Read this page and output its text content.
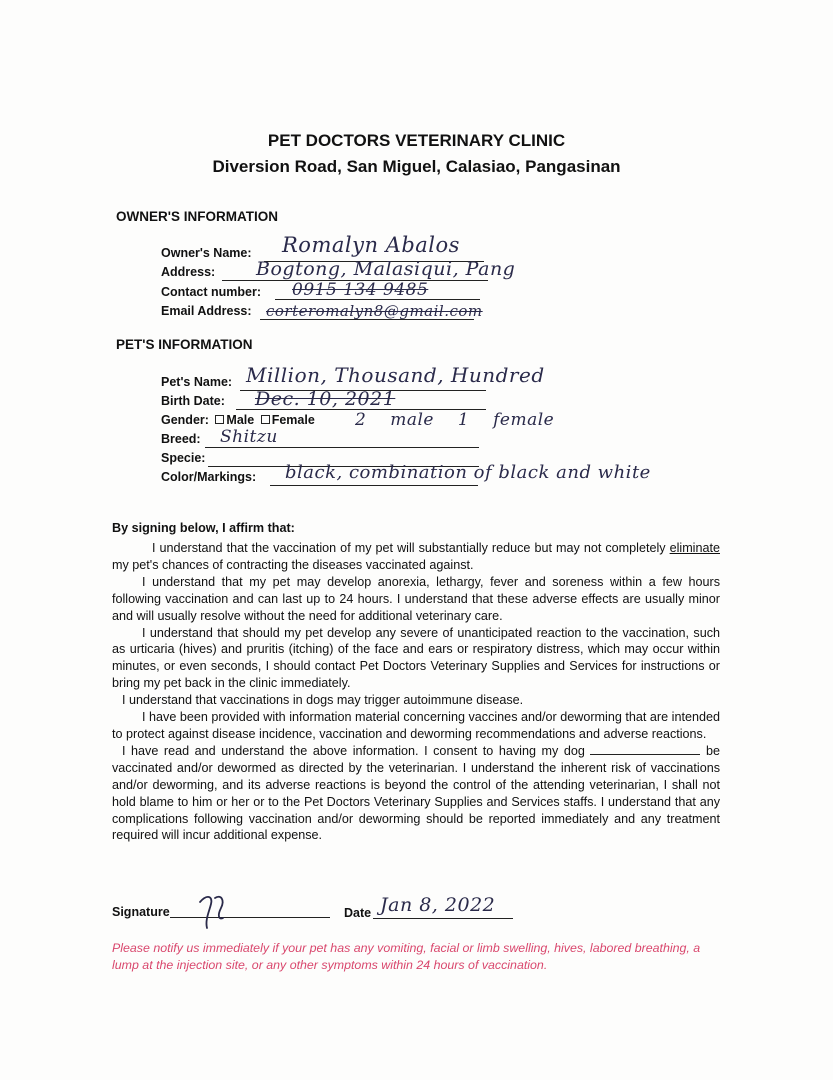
PET DOCTORS VETERINARY CLINIC
Diversion Road, San Miguel, Calasiao, Pangasinan
OWNER'S INFORMATION
Owner's Name: Romalyn Abalos
Address: Bogtong, Malasiqui, Pang
Contact number: 0915 134 9485
Email Address: corteromalyn8@gmail.com
PET'S INFORMATION
Pet's Name: Million, Thousand, Hundred
Birth Date: Dec. 10, 2021
Gender: Male Female 2 male 1 female
Breed: Shitzu
Specie:
Color/Markings: black, combination of black and white
By signing below, I affirm that:

I understand that the vaccination of my pet will substantially reduce but may not completely eliminate my pet's chances of contracting the diseases vaccinated against.

I understand that my pet may develop anorexia, lethargy, fever and soreness within a few hours following vaccination and can last up to 24 hours. I understand that these adverse effects are usually minor and will usually resolve without the need for additional veterinary care.

I understand that should my pet develop any severe of unanticipated reaction to the vaccination, such as urticaria (hives) and pruritis (itching) of the face and ears or respiratory distress, which may occur within minutes, or even seconds, I should contact Pet Doctors Veterinary Supplies and Services for instructions or bring my pet back in the clinic immediately.

I understand that vaccinations in dogs may trigger autoimmune disease.

I have been provided with information material concerning vaccines and/or deworming that are intended to protect against disease incidence, vaccination and deworming recommendations and adverse reactions.

I have read and understand the above information. I consent to having my dog	be vaccinated and/or dewormed as directed by the veterinarian. I understand the inherent risk of vaccinations and/or deworming, and its adverse reactions is beyond the control of the attending veterinarian, I shall not hold blame to him or her or to the Pet Doctors Veterinary Supplies and Services staffs. I understand that any complications following vaccination and/or deworming should be reported immediately and any treatment required will incur additional expense.

Signature	Date Jan 8, 2022
Please notify us immediately if your pet has any vomiting, facial or limb swelling, hives, labored breathing, a lump at the injection site, or any other symptoms within 24 hours of vaccination.
